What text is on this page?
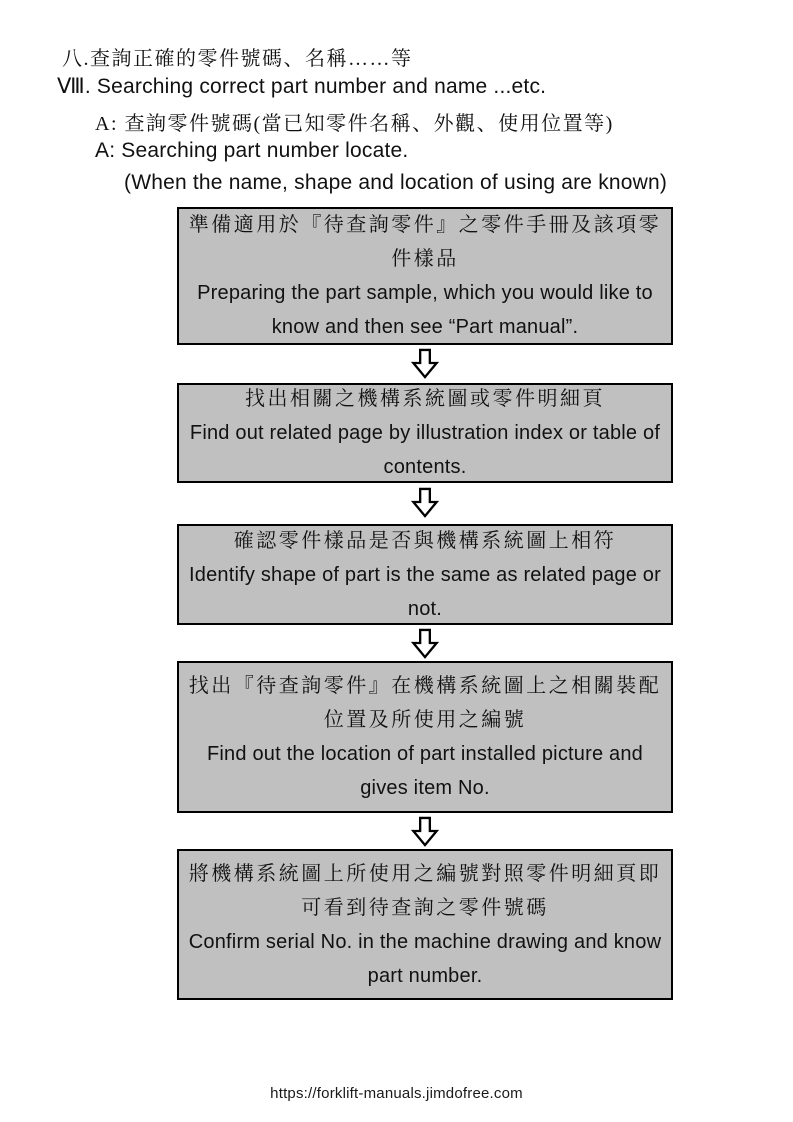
八.查詢正確的零件號碼、名稱……等
Ⅷ. Searching correct part number and name ...etc.
A: 查詢零件號碼(當已知零件名稱、外觀、使用位置等)
A: Searching part number locate.
(When the name, shape and location of using are known)
準備適用於『待查詢零件』之零件手冊及該項零件樣品
Preparing the part sample, which you would like to know and then see “Part manual”.
找出相關之機構系統圖或零件明細頁
Find out related page by illustration index or table of contents.
確認零件樣品是否與機構系統圖上相符
Identify shape of part is the same as related page or not.
找出『待查詢零件』在機構系統圖上之相關裝配位置及所使用之編號
Find out the location of part installed picture and gives item No.
將機構系統圖上所使用之編號對照零件明細頁即可看到待查詢之零件號碼
Confirm serial No. in the machine drawing and know part number.
https://forklift-manuals.jimdofree.com
